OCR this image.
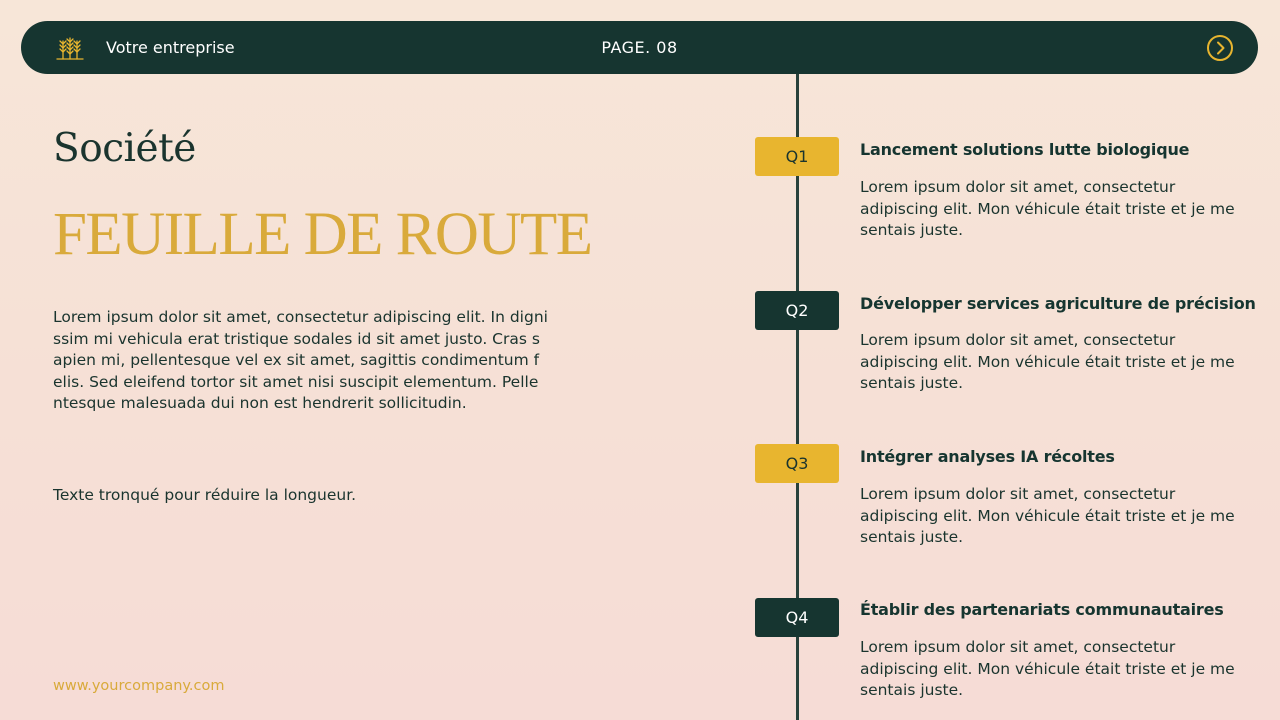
Votre entreprise	PAGE. 08
Société
FEUILLE DE ROUTE
Lorem ipsum dolor sit amet, consectetur adipiscing elit. In dignissim mi vehicula erat tristique sodales id sit amet justo. Cras sapien mi, pellentesque vel ex sit amet, sagittis condimentum felis. Sed eleifend tortor sit amet nisi suscipit elementum. Pellentesque malesuada dui non est hendrerit sollicitudin.
Texte tronqué pour réduire la longueur.
www.yourcompany.com
Q1	Lancement solutions lutte biologique
Lorem ipsum dolor sit amet, consectetur adipiscing elit. Mon véhicule était triste et je me sentais juste.
Q2	Développer services agriculture de précision
Lorem ipsum dolor sit amet, consectetur adipiscing elit. Mon véhicule était triste et je me sentais juste.
Q3	Intégrer analyses IA récoltes
Lorem ipsum dolor sit amet, consectetur adipiscing elit. Mon véhicule était triste et je me sentais juste.
Q4	Établir des partenariats communautaires
Lorem ipsum dolor sit amet, consectetur adipiscing elit. Mon véhicule était triste et je me sentais juste.
